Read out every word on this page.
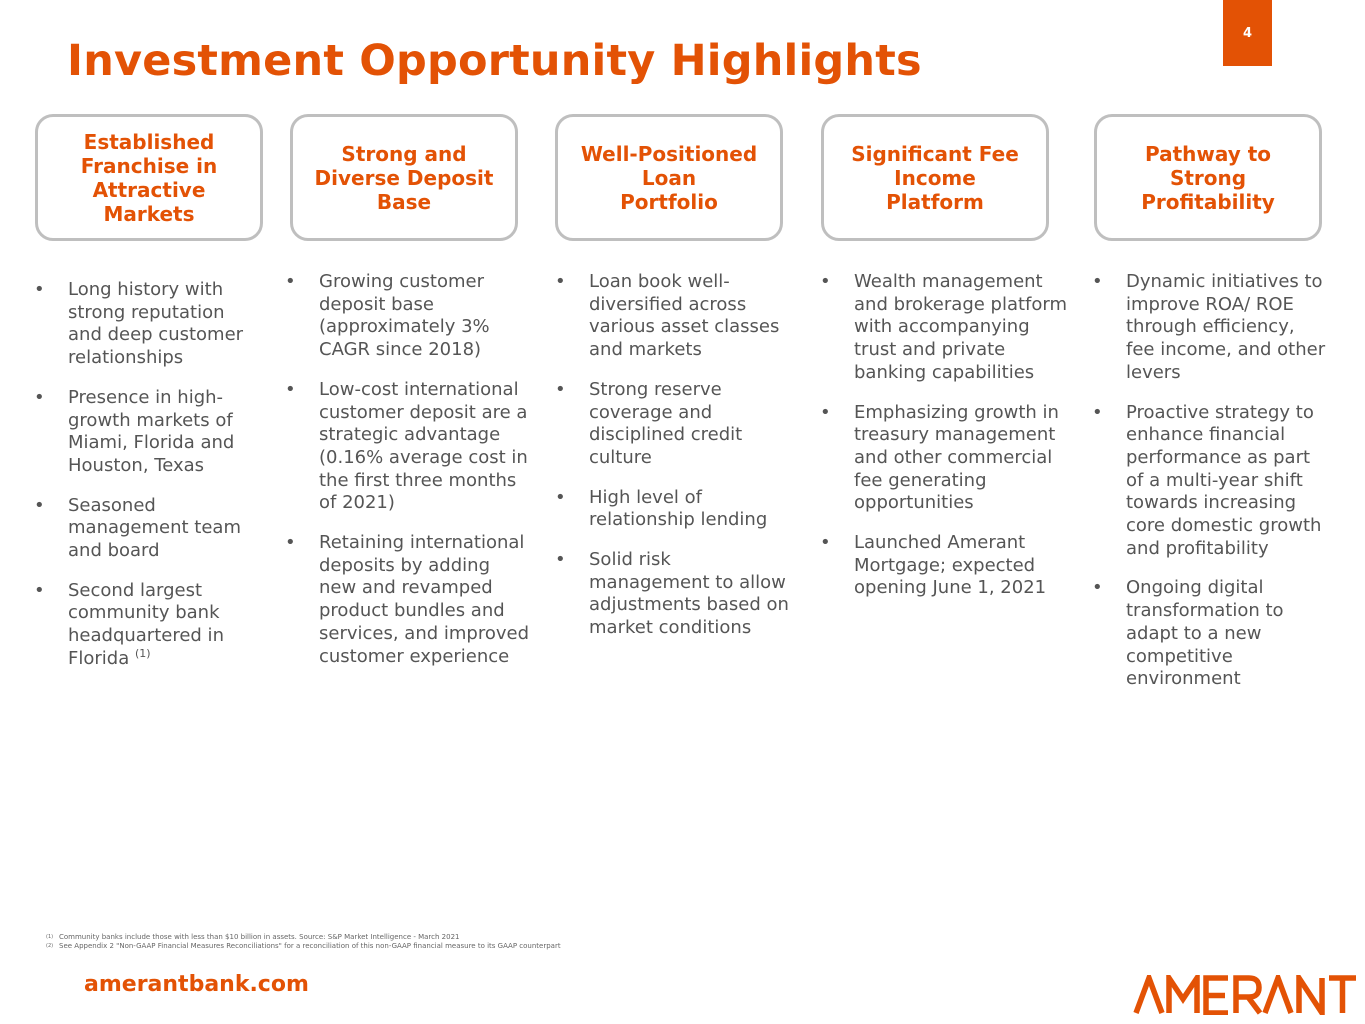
4
Investment Opportunity Highlights
Established
Franchise in
Attractive
Markets
Strong and
Diverse Deposit
Base
Well-Positioned
Loan
Portfolio
Significant Fee
Income
Platform
Pathway to
Strong
Profitability
• Long history with strong reputation and deep customer relationships
• Presence in high-growth markets of Miami, Florida and Houston, Texas
• Seasoned management team and board
• Second largest community bank headquartered in Florida $^{(1)}$
• Growing customer deposit base (approximately 3% CAGR since 2018)
• Low-cost international customer deposit are a strategic advantage (0.16% average cost in the first three months of 2021)
• Retaining international deposits by adding new and revamped product bundles and services, and improved customer experience
• Loan book well-diversified across various asset classes and markets
• Strong reserve coverage and disciplined credit culture
• High level of relationship lending
• Solid risk management to allow adjustments based on market conditions
• Wealth management and brokerage platform with accompanying trust and private banking capabilities
• Emphasizing growth in treasury management and other commercial fee generating opportunities
• Launched Amerant Mortgage; expected opening June 1, 2021
• Dynamic initiatives to improve ROA/ ROE through efficiency, fee income, and other levers
• Proactive strategy to enhance financial performance as part of a multi-year shift towards increasing core domestic growth and profitability
• Ongoing digital transformation to adapt to a new competitive environment
(1) Community banks include those with less than $10 billion in assets. Source: S&P Market Intelligence - March 2021
(2) See Appendix 2 "Non-GAAP Financial Measures Reconciliations" for a reconciliation of this non-GAAP financial measure to its GAAP counterpart
amerantbank.com
